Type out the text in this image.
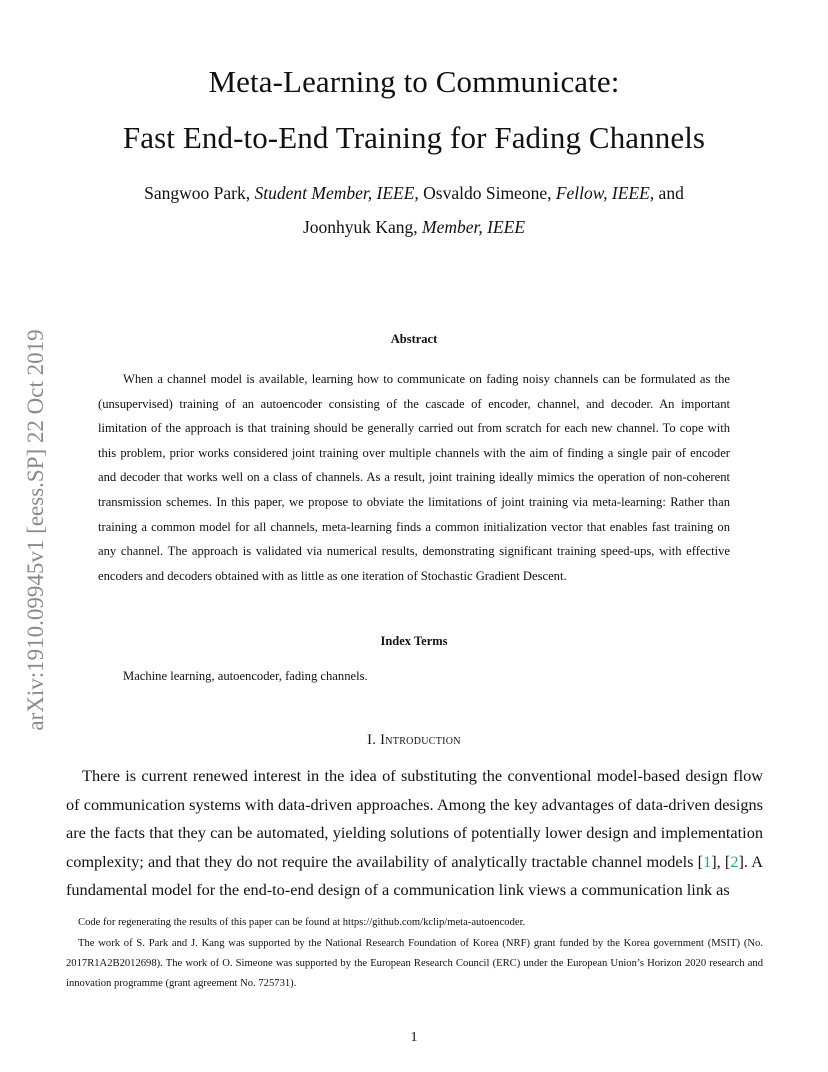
Meta-Learning to Communicate:
Fast End-to-End Training for Fading Channels
Sangwoo Park, Student Member, IEEE, Osvaldo Simeone, Fellow, IEEE, and
Joonhyuk Kang, Member, IEEE
arXiv:1910.09945v1 [eess.SP] 22 Oct 2019	Abstract

When a channel model is available, learning how to communicate on fading noisy channels can be formulated as the (unsupervised) training of an autoencoder consisting of the cascade of encoder, channel, and decoder. An important limitation of the approach is that training should be generally carried out from scratch for each new channel. To cope with this problem, prior works considered joint training over multiple channels with the aim of finding a single pair of encoder and decoder that works well on a class of channels. As a result, joint training ideally mimics the operation of non-coherent transmission schemes. In this paper, we propose to obviate the limitations of joint training via meta-learning: Rather than training a common model for all channels, meta-learning finds a common initialization vector that enables fast training on any channel. The approach is validated via numerical results, demonstrating significant training speed-ups, with effective encoders and decoders obtained with as little as one iteration of Stochastic Gradient Descent.

Index Terms
Machine learning, autoencoder, fading channels.
I. Introduction

There is current renewed interest in the idea of substituting the conventional model-based design flow of communication systems with data-driven approaches. Among the key advantages of data-driven designs are the facts that they can be automated, yielding solutions of potentially lower design and implementation complexity; and that they do not require the availability of analytically tractable channel models [1], [2]. A fundamental model for the end-to-end design of a communication link views a communication link as

Code for regenerating the results of this paper can be found at https://github.com/kclip/meta-autoencoder.

The work of S. Park and J. Kang was supported by the National Research Foundation of Korea (NRF) grant funded by the Korea government (MSIT) (No. 2017R1A2B2012698). The work of O. Simeone was supported by the European Research Council (ERC) under the European Union’s Horizon 2020 research and innovation programme (grant agreement No. 725731).

1
